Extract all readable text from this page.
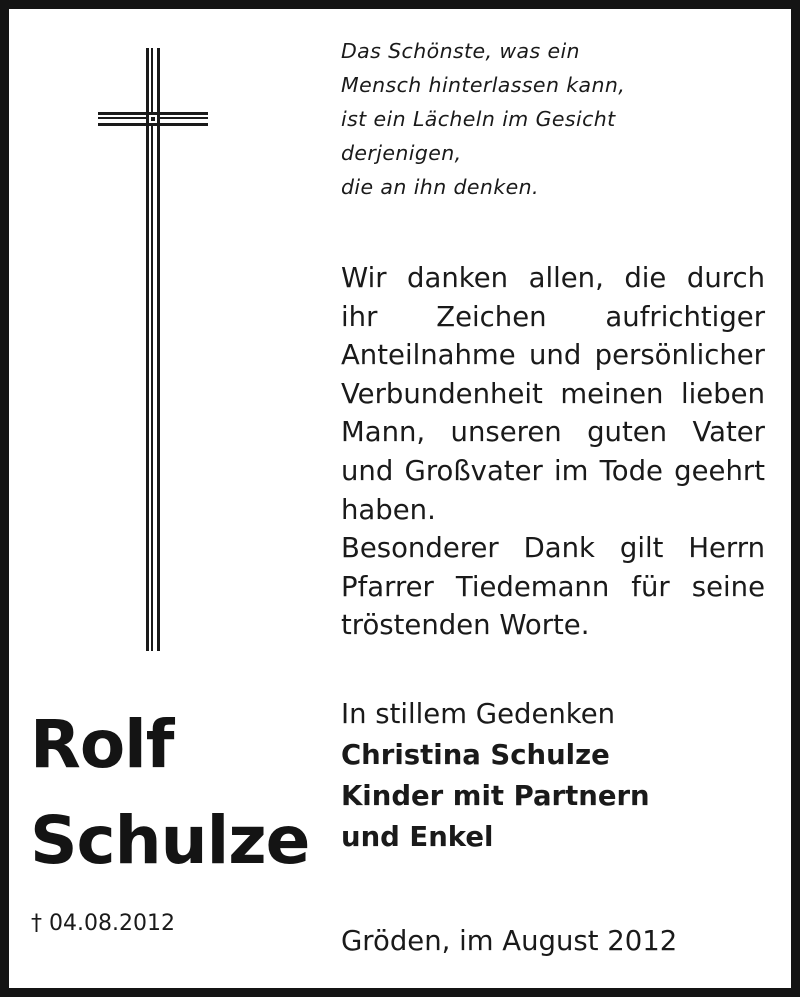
Das Schönste, was ein
Mensch hinterlassen kann,
ist ein Lächeln im Gesicht
derjenigen,
die an ihn denken.
Wir danken allen, die durch
ihr Zeichen aufrichtiger
Anteilnahme und persönlicher
Verbundenheit meinen lieben
Mann, unseren guten Vater
und Großvater im Tode geehrt
haben.
Besonderer Dank gilt Herrn
Pfarrer Tiedemann für seine
tröstenden Worte.
In stillem Gedenken
Christina Schulze
Kinder mit Partnern
und Enkel
Gröden, im August 2012
Rolf
Schulze
† 04.08.2012
